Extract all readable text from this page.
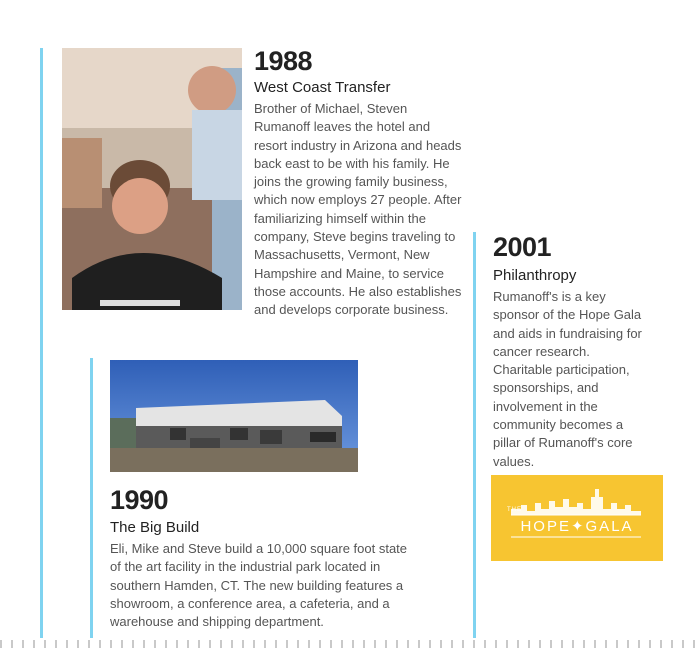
1988
West Coast Transfer
Brother of Michael, Steven
Rumanoff leaves the hotel and
resort industry in Arizona and heads
back east to be with his family. He
joins the growing family business,
which now employs 27 people. After
familiarizing himself within the
company, Steve begins traveling to
Massachusetts, Vermont, New
Hampshire and Maine, to service
those accounts. He also establishes
and develops corporate business.
2001
Philanthropy
Rumanoff's is a key
sponsor of the Hope Gala
and aids in fundraising for
cancer research.
Charitable participation,
sponsorships, and
involvement in the
community becomes a
pillar of Rumanoff's core
values.
THE
HOPE✦GALA
1990
The Big Build
Eli, Mike and Steve build a 10,000 square foot state
of the art facility in the industrial park located in
southern Hamden, CT. The new building features a
showroom, a conference area, a cafeteria, and a
warehouse and shipping department.
